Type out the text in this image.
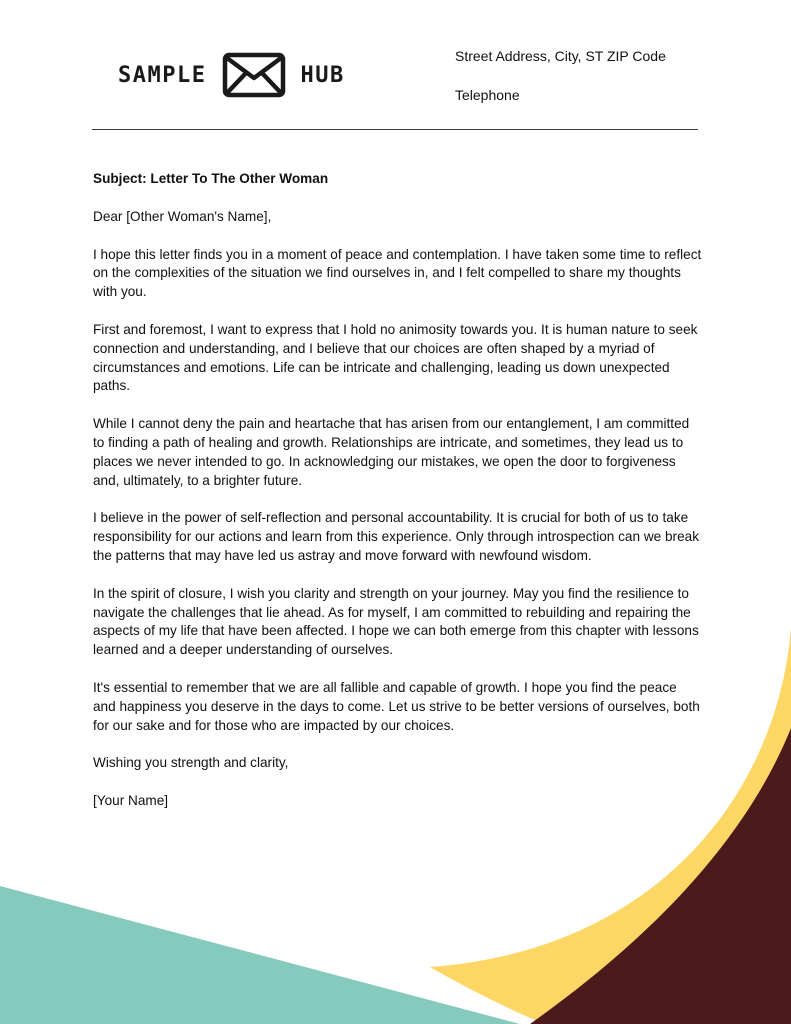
SAMPLE	HUB
Street Address, City, ST ZIP Code
Telephone

Subject: Letter To The Other Woman

Dear [Other Woman's Name],

I hope this letter finds you in a moment of peace and contemplation. I have taken some time to reflect on the complexities of the situation we find ourselves in, and I felt compelled to share my thoughts with you.

First and foremost, I want to express that I hold no animosity towards you. It is human nature to seek connection and understanding, and I believe that our choices are often shaped by a myriad of circumstances and emotions. Life can be intricate and challenging, leading us down unexpected paths.

While I cannot deny the pain and heartache that has arisen from our entanglement, I am committed to finding a path of healing and growth. Relationships are intricate, and sometimes, they lead us to places we never intended to go. In acknowledging our mistakes, we open the door to forgiveness and, ultimately, to a brighter future.

I believe in the power of self-reflection and personal accountability. It is crucial for both of us to take responsibility for our actions and learn from this experience. Only through introspection can we break the patterns that may have led us astray and move forward with newfound wisdom.

In the spirit of closure, I wish you clarity and strength on your journey. May you find the resilience to navigate the challenges that lie ahead. As for myself, I am committed to rebuilding and repairing the aspects of my life that have been affected. I hope we can both emerge from this chapter with lessons learned and a deeper understanding of ourselves.

It's essential to remember that we are all fallible and capable of growth. I hope you find the peace and happiness you deserve in the days to come. Let us strive to be better versions of ourselves, both for our sake and for those who are impacted by our choices.

Wishing you strength and clarity,

[Your Name]
